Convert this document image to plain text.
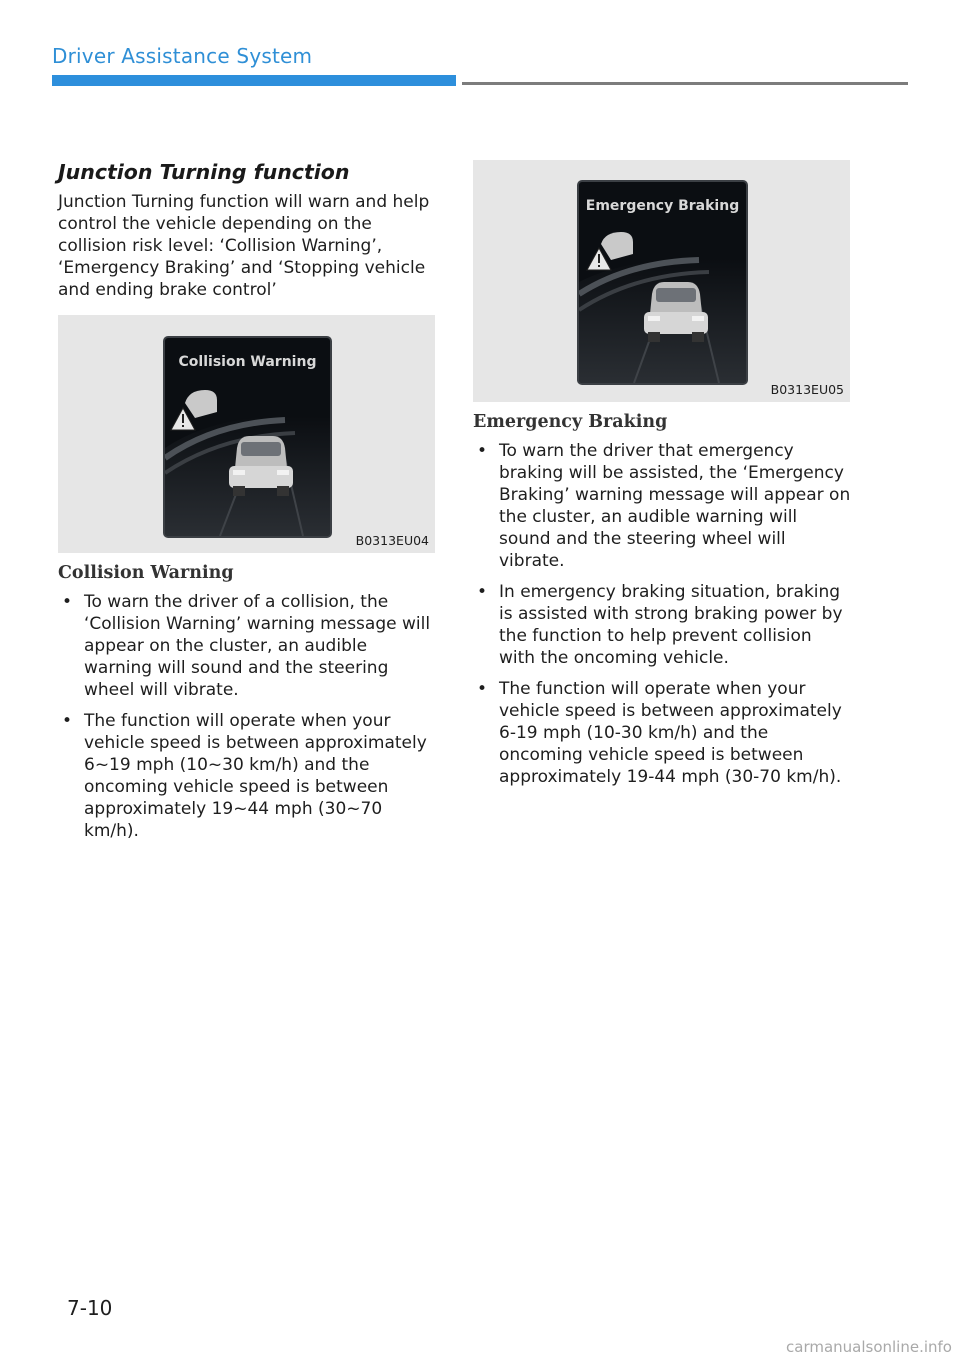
Driver Assistance System
Junction Turning function

Junction Turning function will warn and help control the vehicle depending on the collision risk level: ‘Collision Warning’, ‘Emergency Braking’ and ‘Stopping vehicle and ending brake control’

Collision Warning
B0313EU04
Collision Warning
• To warn the driver of a collision, the ‘Collision Warning’ warning message will appear on the cluster, an audible warning will sound and the steering wheel will vibrate.
• The function will operate when your vehicle speed is between approximately 6~19 mph (10~30 km/h) and the oncoming vehicle speed is between approximately 19~44 mph (30~70 km/h).
Emergency Braking
B0313EU05
Emergency Braking
• To warn the driver that emergency braking will be assisted, the ‘Emergency Braking’ warning message will appear on the cluster, an audible warning will sound and the steering wheel will vibrate.
• In emergency braking situation, braking is assisted with strong braking power by the function to help prevent collision with the oncoming vehicle.
• The function will operate when your vehicle speed is between approximately 6-19 mph (10-30 km/h) and the oncoming vehicle speed is between approximately 19-44 mph (30-70 km/h).
7-10
carmanualsonline.info
